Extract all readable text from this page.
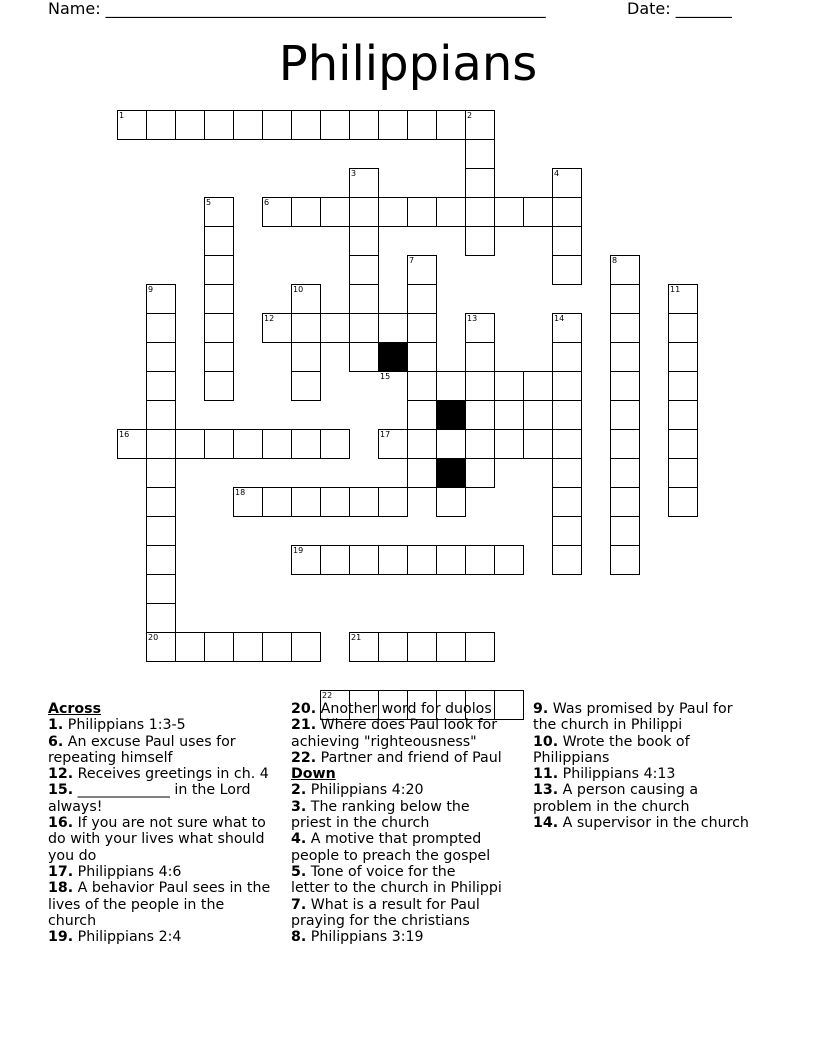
Name: _______________________________________________________	Date: _______
Philippians
1	2
3	4
5	6
7	8
9	10	11
12	13	14
15
16	17
18
19
20	21
22
Across
1. Philippians 1:3-5
6. An excuse Paul uses for
repeating himself
12. Receives greetings in ch. 4
15. _____________ in the Lord
always!
16. If you are not sure what to
do with your lives what should
you do
17. Philippians 4:6
18. A behavior Paul sees in the
lives of the people in the
church
19. Philippians 2:4
20. Another word for duolos
21. Where does Paul look for
achieving "righteousness"
22. Partner and friend of Paul
Down
2. Philippians 4:20
3. The ranking below the
priest in the church
4. A motive that prompted
people to preach the gospel
5. Tone of voice for the
letter to the church in Philippi
7. What is a result for Paul
praying for the christians
8. Philippians 3:19
9. Was promised by Paul for
the church in Philippi
10. Wrote the book of
Philippians
11. Philippians 4:13
13. A person causing a
problem in the church
14. A supervisor in the church
